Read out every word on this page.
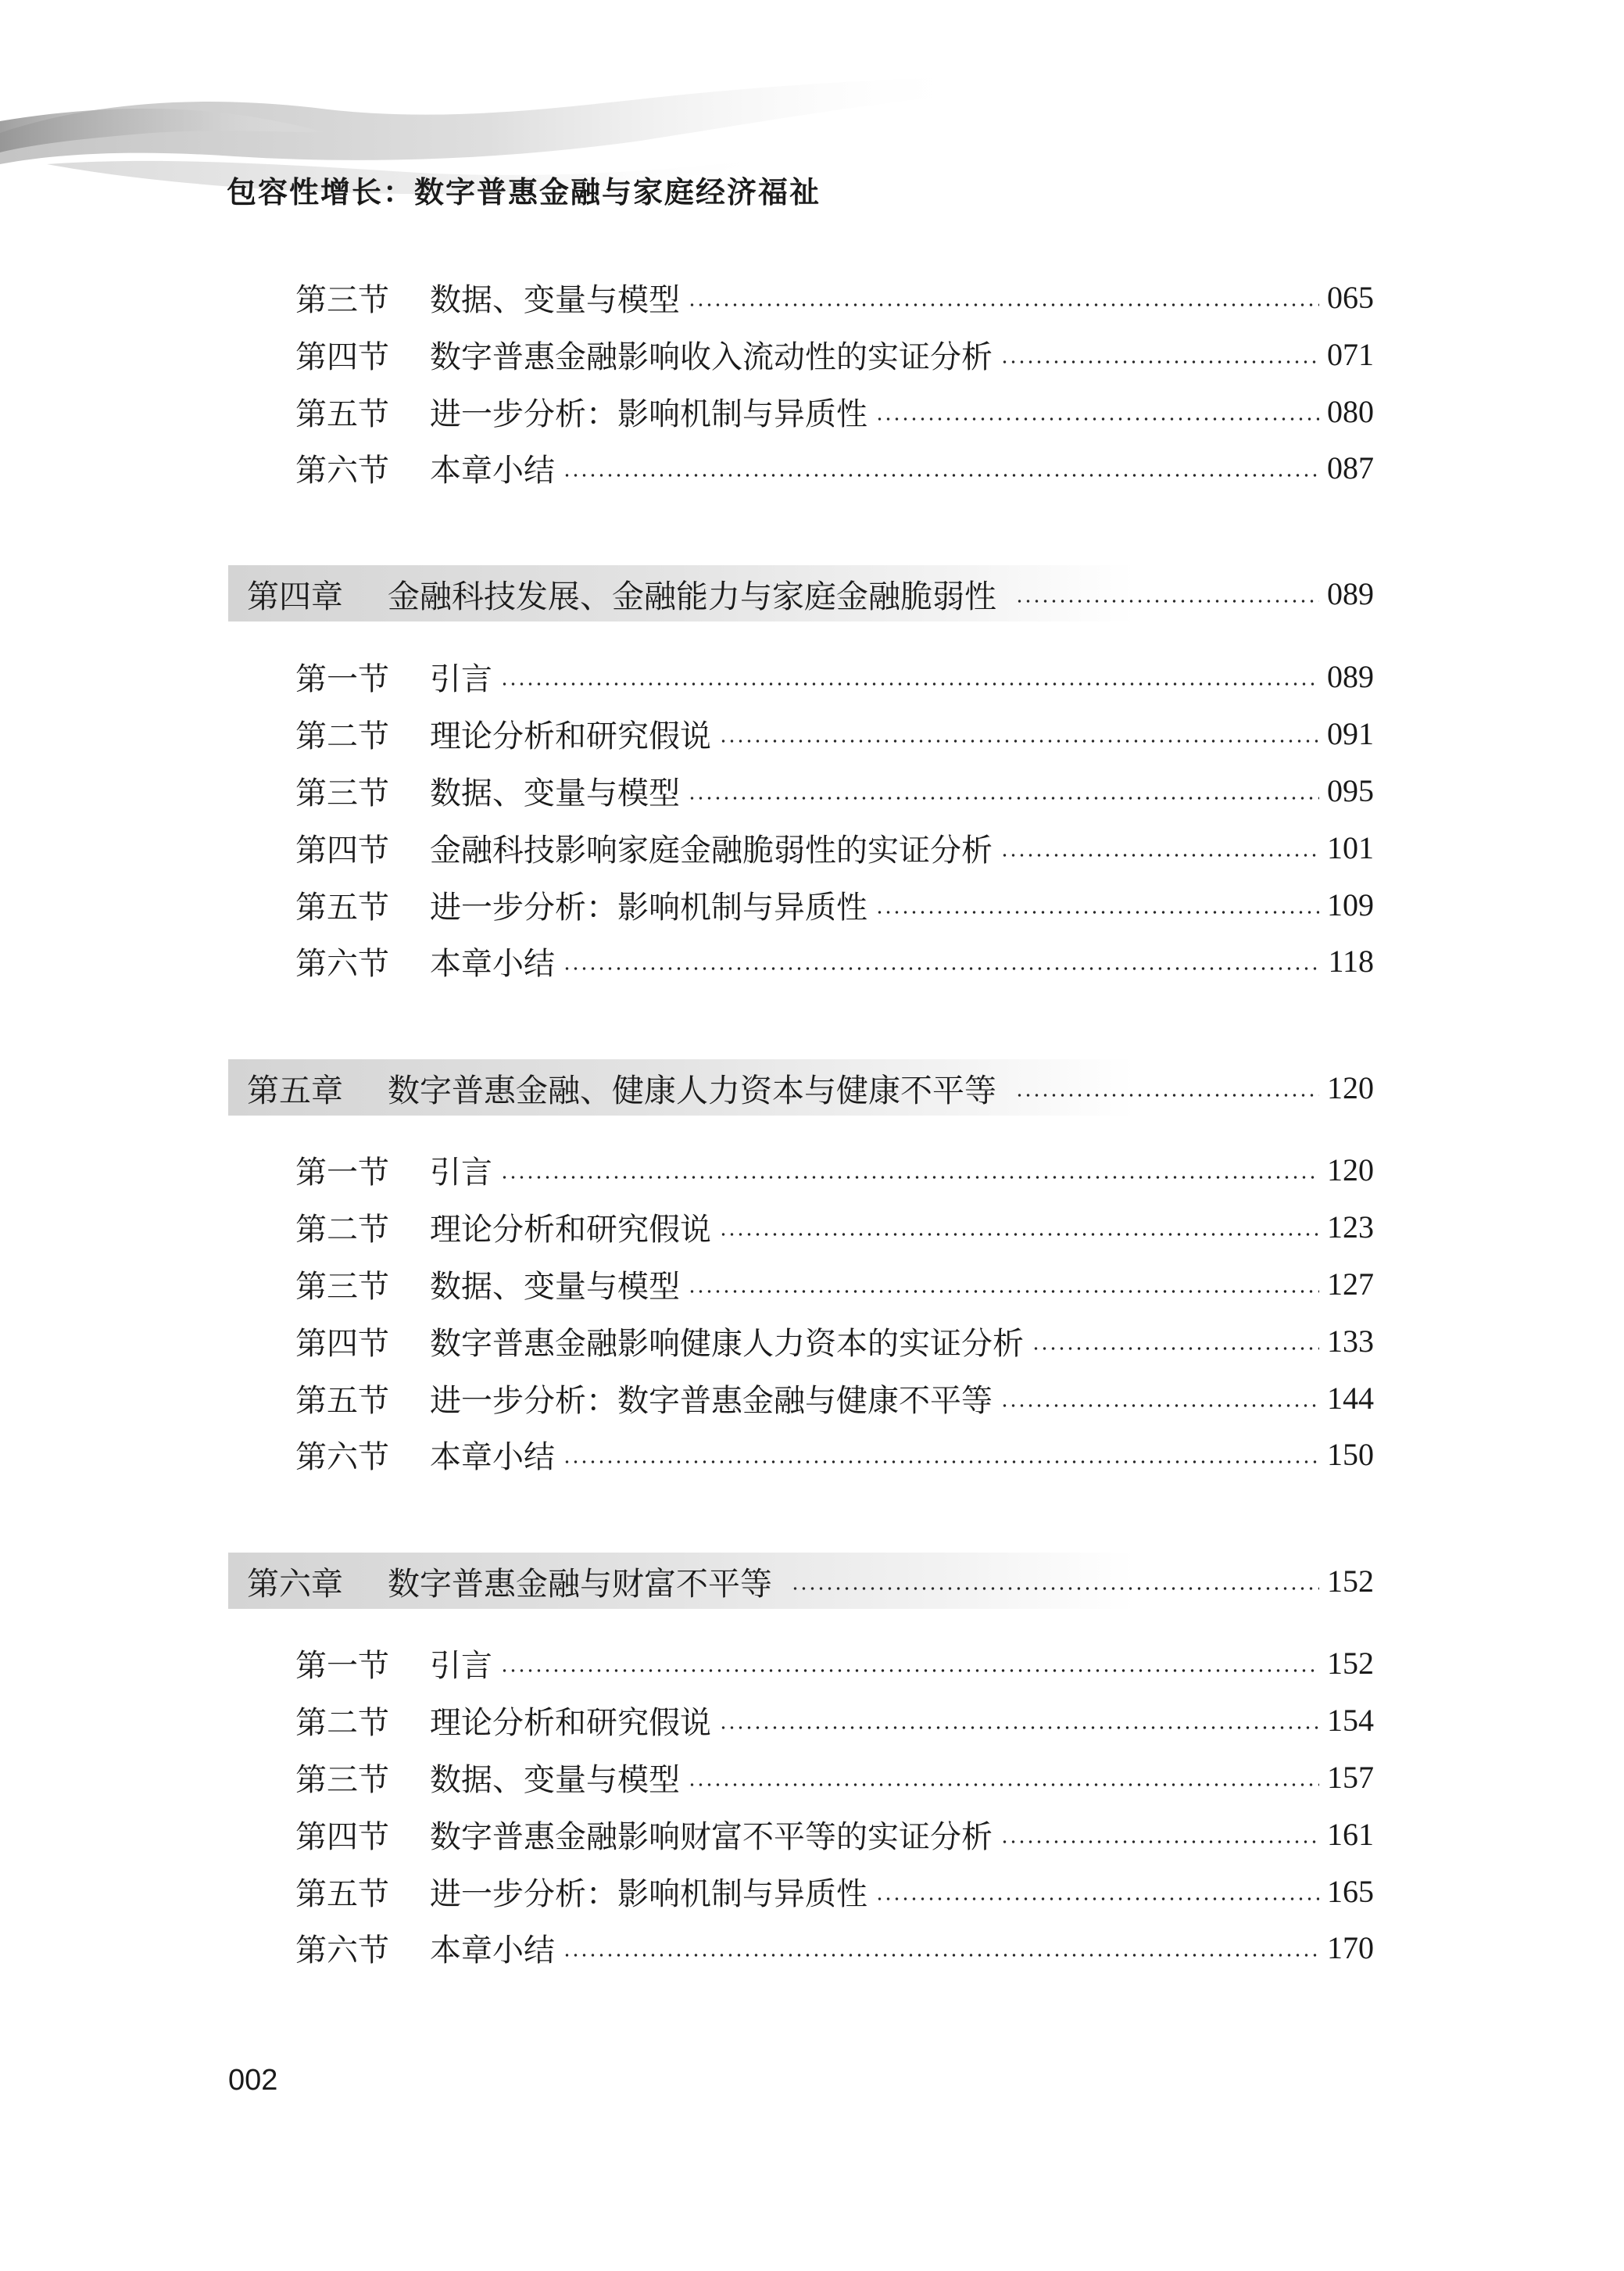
包容性增长：数字普惠金融与家庭经济福祉
第三节	数据、变量与模型	065
第四节	数字普惠金融影响收入流动性的实证分析	071
第五节	进一步分析：影响机制与异质性	080
第六节	本章小结	087
第四章	金融科技发展、金融能力与家庭金融脆弱性	089
第一节	引言	089
第二节	理论分析和研究假说	091
第三节	数据、变量与模型	095
第四节	金融科技影响家庭金融脆弱性的实证分析	101
第五节	进一步分析：影响机制与异质性	109
第六节	本章小结	118
第五章	数字普惠金融、健康人力资本与健康不平等	120
第一节	引言	120
第二节	理论分析和研究假说	123
第三节	数据、变量与模型	127
第四节	数字普惠金融影响健康人力资本的实证分析	133
第五节	进一步分析：数字普惠金融与健康不平等	144
第六节	本章小结	150
第六章	数字普惠金融与财富不平等	152
第一节	引言	152
第二节	理论分析和研究假说	154
第三节	数据、变量与模型	157
第四节	数字普惠金融影响财富不平等的实证分析	161
第五节	进一步分析：影响机制与异质性	165
第六节	本章小结	170
002
